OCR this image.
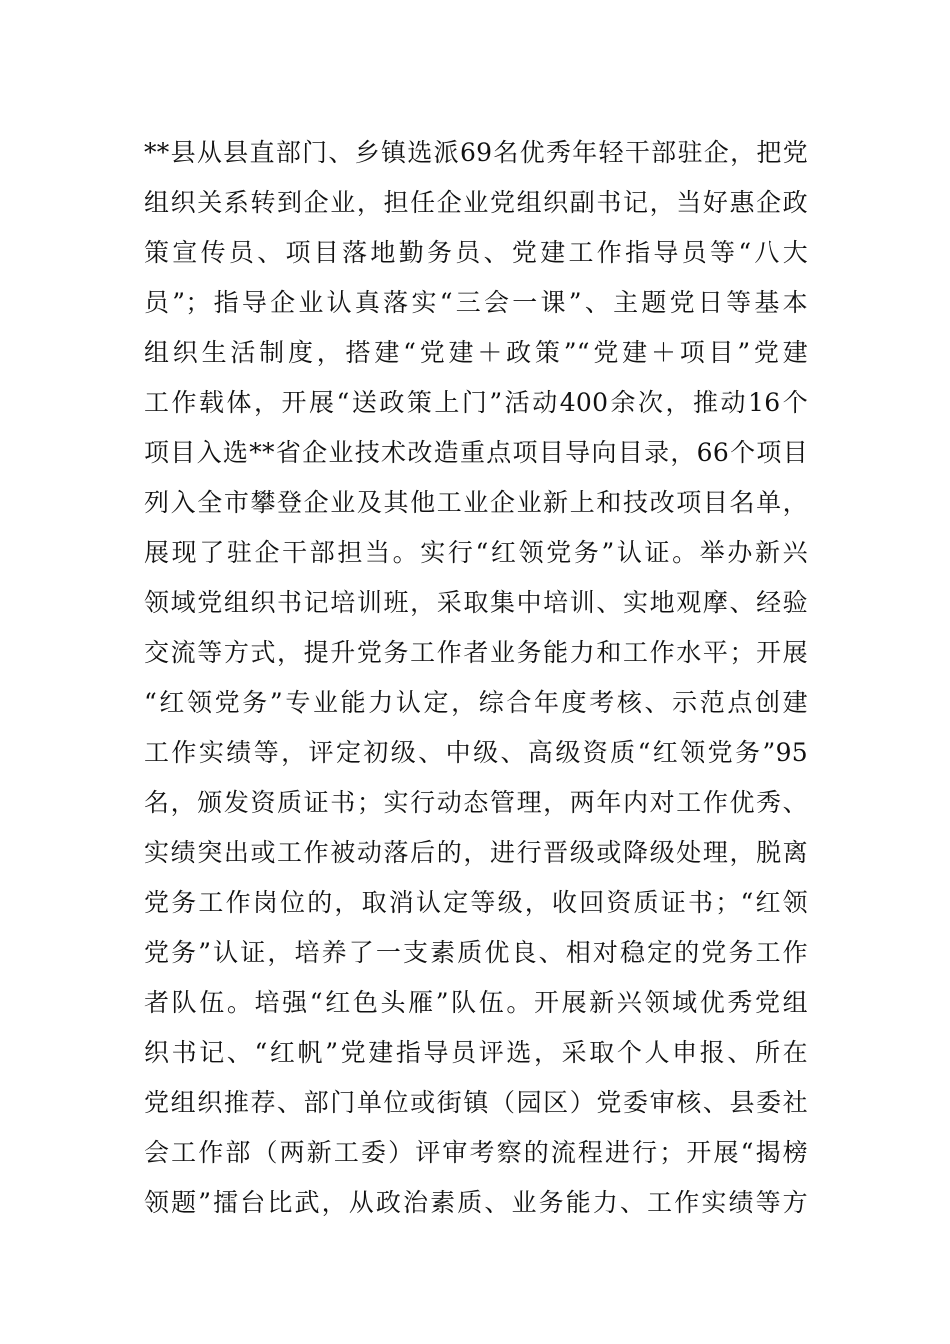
**县从县直部门、乡镇选派69名优秀年轻干部驻企，把党
组织关系转到企业，担任企业党组织副书记，当好惠企政
策宣传员、项目落地勤务员、党建工作指导员等“八大
员”；指导企业认真落实“三会一课”、主题党日等基本
组织生活制度，搭建“党建＋政策”“党建＋项目”党建
工作载体，开展“送政策上门”活动400余次，推动16个
项目入选**省企业技术改造重点项目导向目录，66个项目
列入全市攀登企业及其他工业企业新上和技改项目名单，
展现了驻企干部担当。实行“红领党务”认证。举办新兴
领域党组织书记培训班，采取集中培训、实地观摩、经验
交流等方式，提升党务工作者业务能力和工作水平；开展
“红领党务”专业能力认定，综合年度考核、示范点创建
工作实绩等，评定初级、中级、高级资质“红领党务”95
名，颁发资质证书；实行动态管理，两年内对工作优秀、
实绩突出或工作被动落后的，进行晋级或降级处理，脱离
党务工作岗位的，取消认定等级，收回资质证书；“红领
党务”认证，培养了一支素质优良、相对稳定的党务工作
者队伍。培强“红色头雁”队伍。开展新兴领域优秀党组
织书记、“红帆”党建指导员评选，采取个人申报、所在
党组织推荐、部门单位或街镇（园区）党委审核、县委社
会工作部（两新工委）评审考察的流程进行；开展“揭榜
领题”擂台比武，从政治素质、业务能力、工作实绩等方
